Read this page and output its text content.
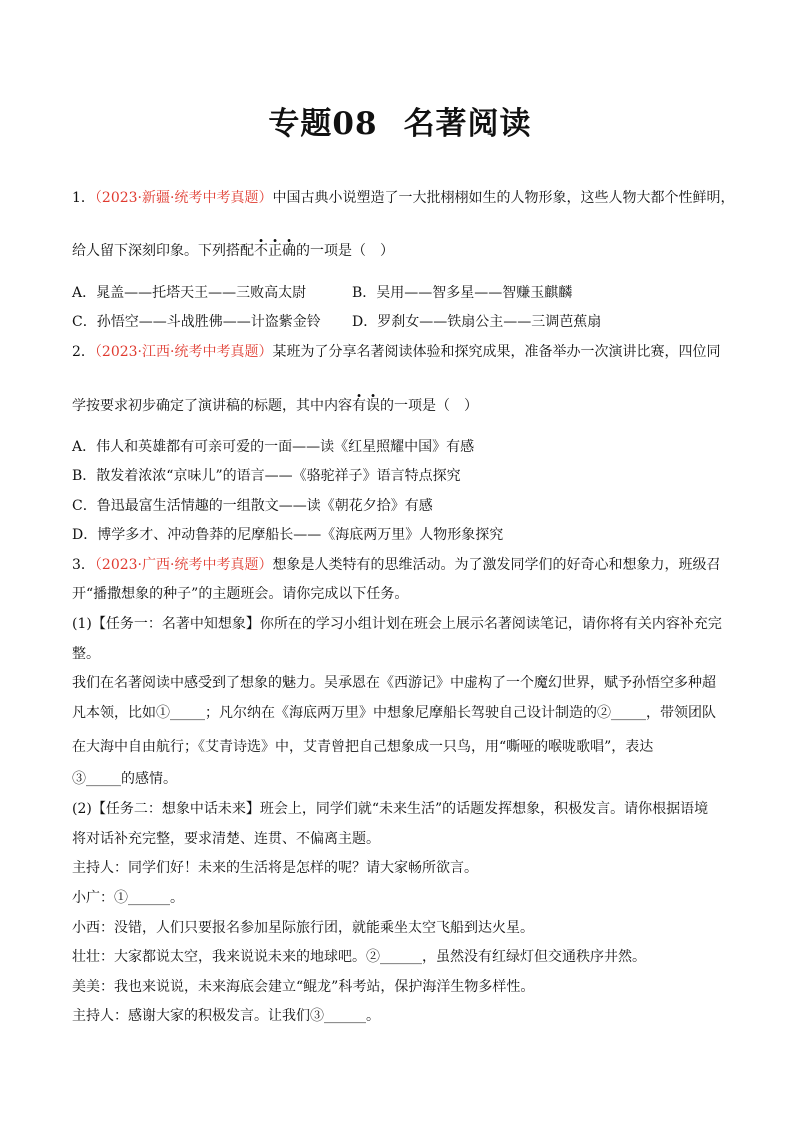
专题08 名著阅读
1．（2023·新疆·统考中考真题）中国古典小说塑造了一大批栩栩如生的人物形象，这些人物大都个性鲜明，
给人留下深刻印象。下列搭配不正确的一项是（　）
A．晁盖——托塔天王——三败高太尉	B．吴用——智多星——智赚玉麒麟
C．孙悟空——斗战胜佛——计盗紫金铃 D．罗刹女——铁扇公主——三调芭蕉扇
2．（2023·江西·统考中考真题）某班为了分享名著阅读体验和探究成果，准备举办一次演讲比赛，四位同
学按要求初步确定了演讲稿的标题，其中内容有误的一项是（　）
A．伟人和英雄都有可亲可爱的一面——读《红星照耀中国》有感
B．散发着浓浓“京味儿”的语言——《骆驼祥子》语言特点探究
C．鲁迅最富生活情趣的一组散文——读《朝花夕拾》有感
D．博学多才、冲动鲁莽的尼摩船长——《海底两万里》人物形象探究
3．（2023·广西·统考中考真题）想象是人类特有的思维活动。为了激发同学们的好奇心和想象力，班级召
开“播撒想象的种子”的主题班会。请你完成以下任务。
(1)【任务一：名著中知想象】你所在的学习小组计划在班会上展示名著阅读笔记，请你将有关内容补充完
整。
我们在名著阅读中感受到了想象的魅力。吴承恩在《西游记》中虚构了一个魔幻世界，赋予孙悟空多种超
凡本领，比如①_____；凡尔纳在《海底两万里》中想象尼摩船长驾驶自己设计制造的②_____，带领团队
在大海中自由航行；《艾青诗选》中，艾青曾把自己想象成一只鸟，用“嘶哑的喉咙歌唱”，表达
③_____的感情。
(2)【任务二：想象中话未来】班会上，同学们就“未来生活”的话题发挥想象，积极发言。请你根据语境
将对话补充完整，要求清楚、连贯、不偏离主题。
主持人：同学们好！未来的生活将是怎样的呢？请大家畅所欲言。
小广：①______。
小西：没错，人们只要报名参加星际旅行团，就能乘坐太空飞船到达火星。
壮壮：大家都说太空，我来说说未来的地球吧。②______，虽然没有红绿灯但交通秩序井然。
美美：我也来说说，未来海底会建立“鲲龙”科考站，保护海洋生物多样性。
主持人：感谢大家的积极发言。让我们③______。
